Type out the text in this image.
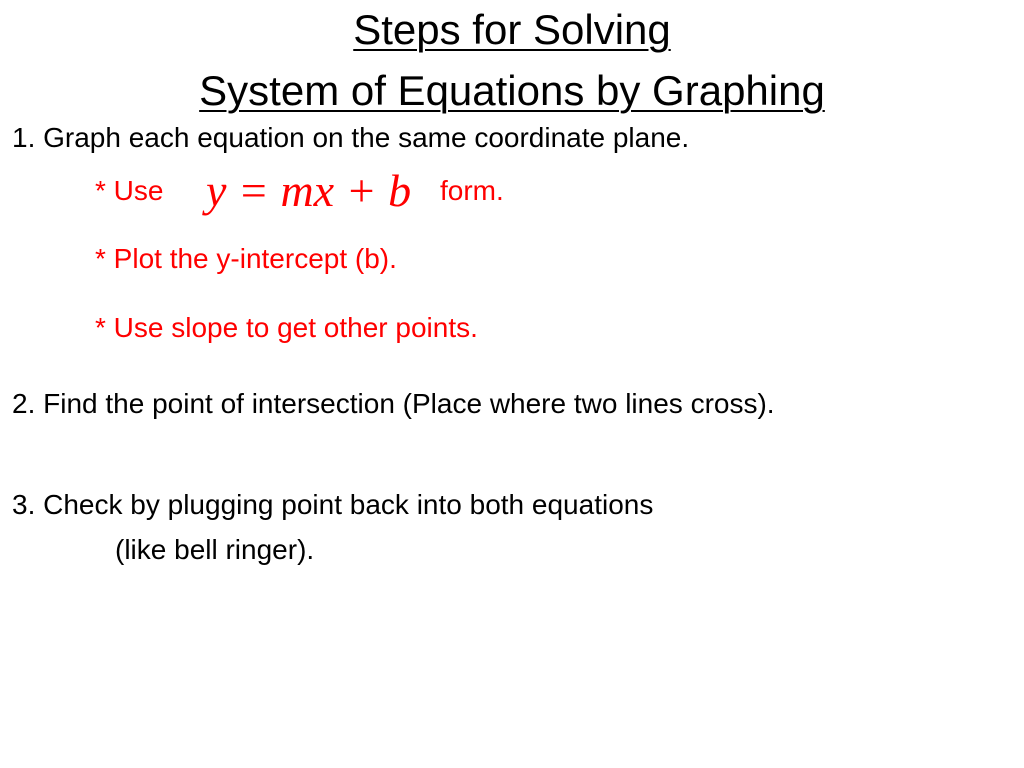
Steps for Solving
System of Equations by Graphing
1. Graph each equation on the same coordinate plane.
* Use y = mx + b form.
* Plot the y-intercept (b).
* Use slope to get other points.
2. Find the point of intersection (Place where two lines cross).
3. Check by plugging point back into both equations
(like bell ringer).
